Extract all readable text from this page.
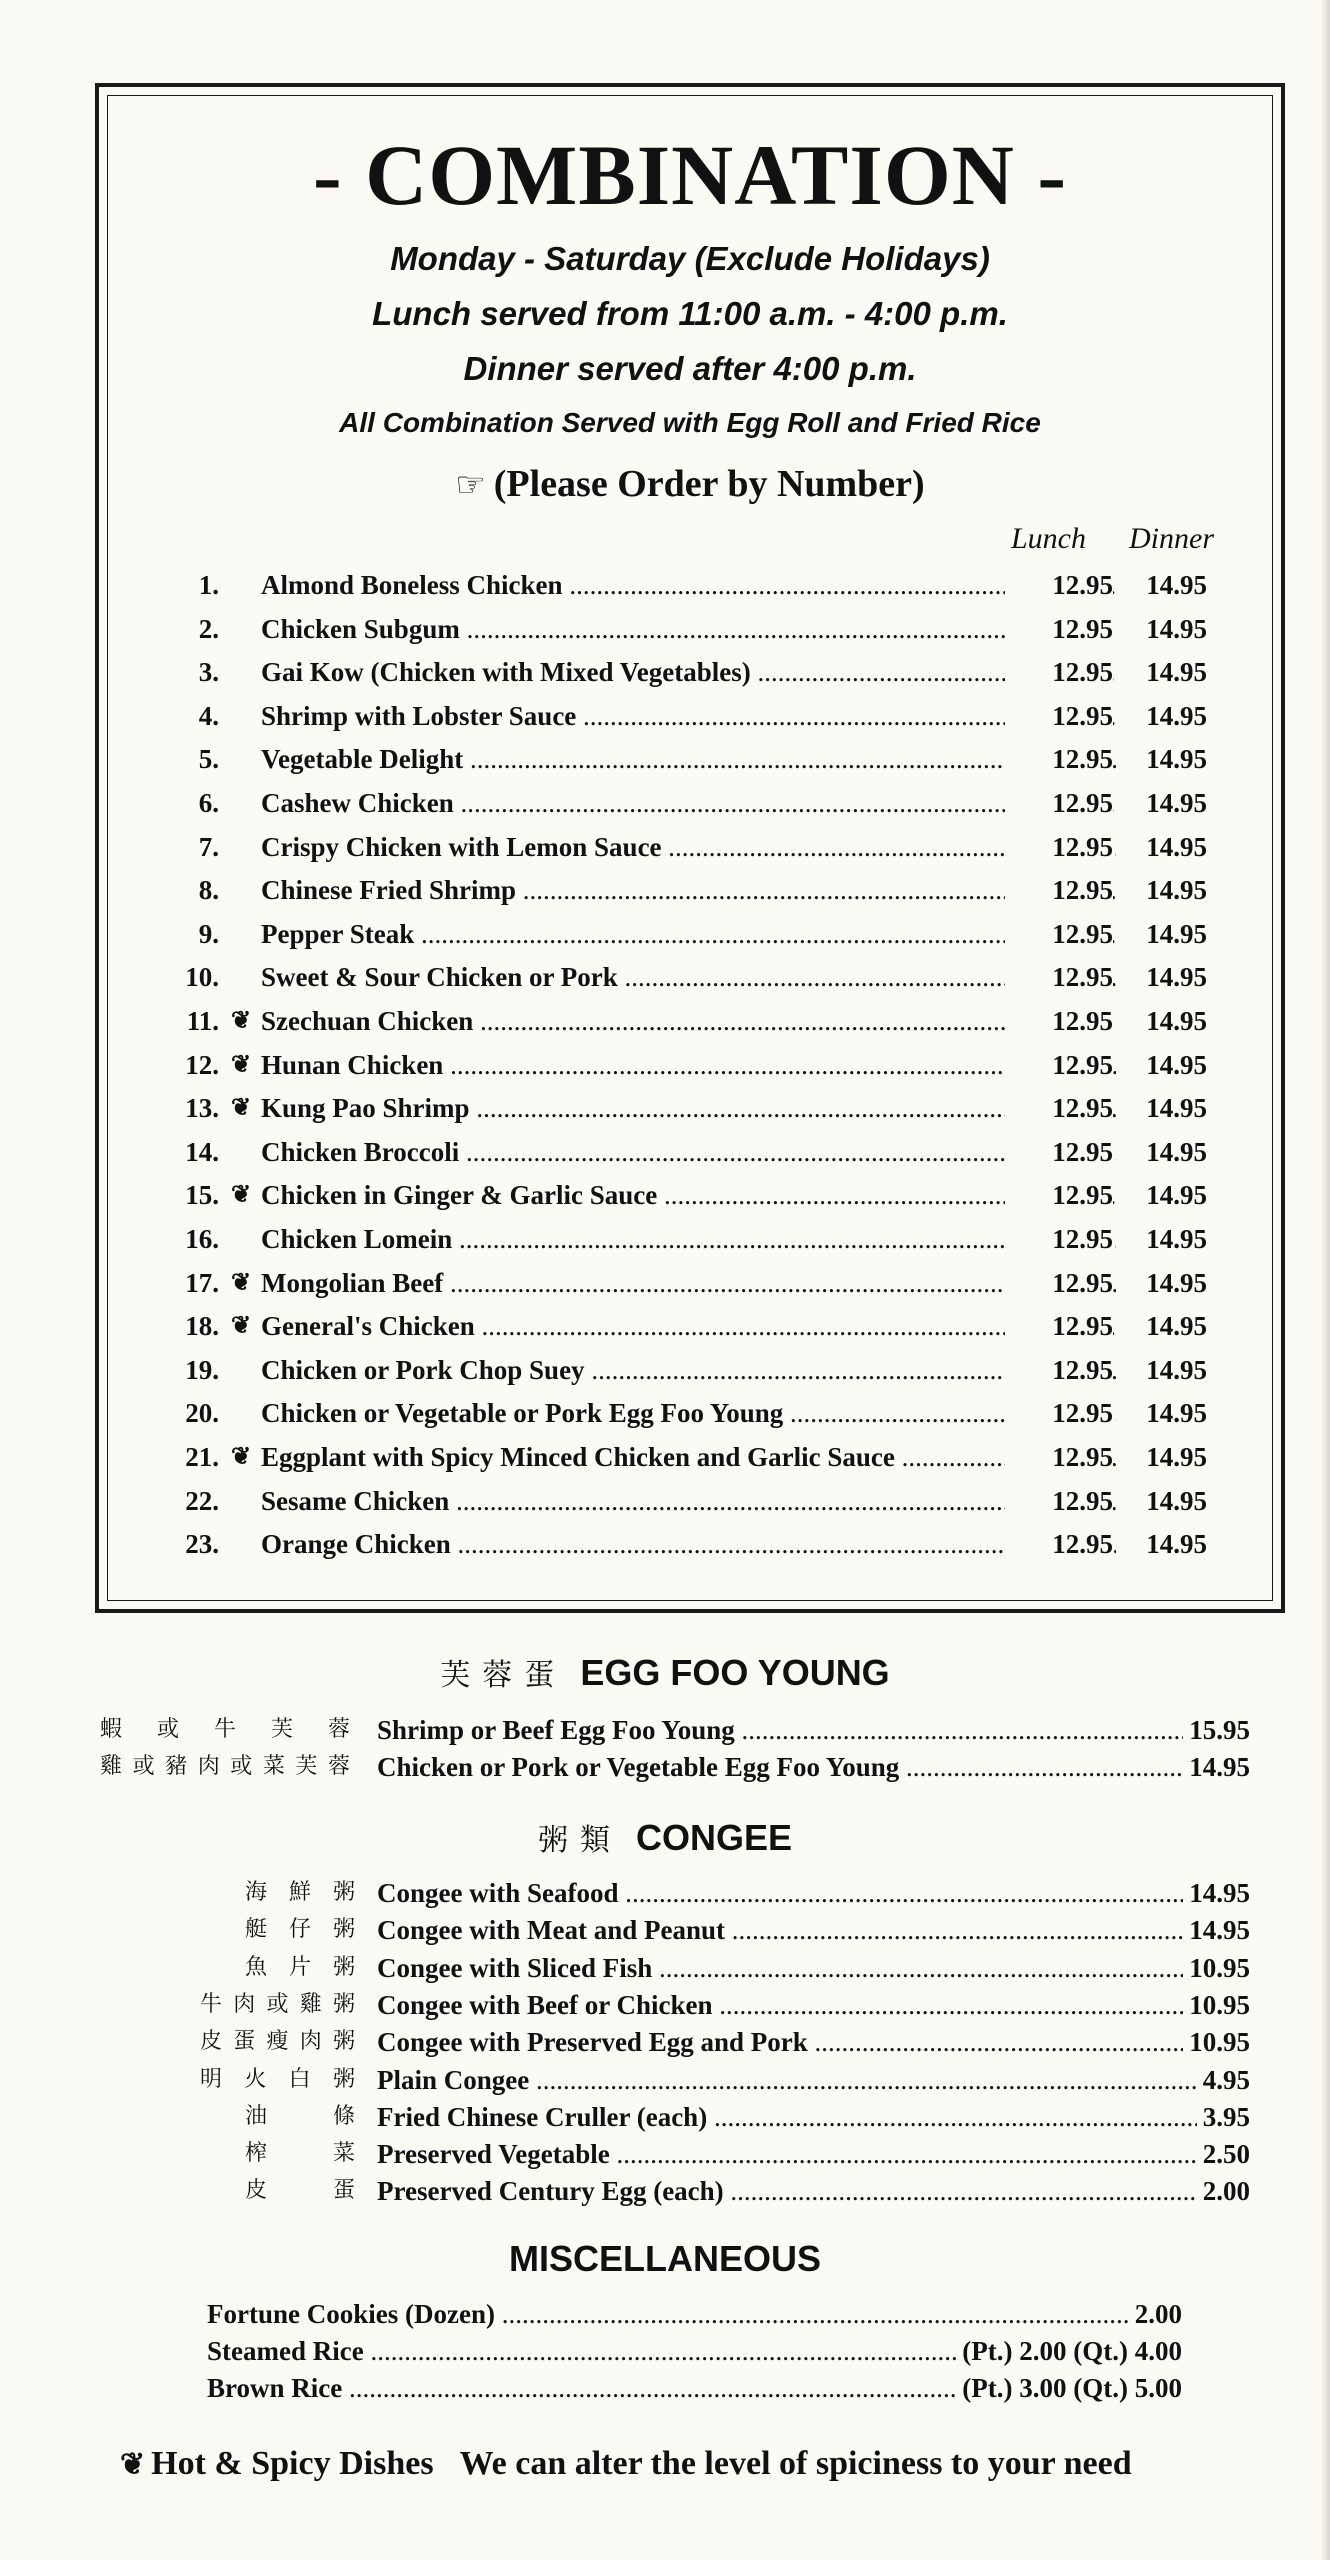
- COMBINATION -
Monday - Saturday (Exclude Holidays)
Lunch served from 11:00 a.m. - 4:00 p.m.
Dinner served after 4:00 p.m.
All Combination Served with Egg Roll and Fried Rice
☞ (Please Order by Number)
Lunch Dinner
1. Almond Boneless Chicken .....	12.95	14.95
2. Chicken Subgum .....	12.95	14.95
3. Gai Kow (Chicken with Mixed Vegetables) .....	12.95	14.95
4. Shrimp with Lobster Sauce .....	12.95	14.95
5. Vegetable Delight .....	12.95	14.95
6. Cashew Chicken .....	12.95	14.95
7. Crispy Chicken with Lemon Sauce .....	12.95	14.95
8. Chinese Fried Shrimp .....	12.95	14.95
9. Pepper Steak .....	12.95	14.95
10. Sweet & Sour Chicken or Pork .....	12.95	14.95
11. ❦ Szechuan Chicken .....	12.95	14.95
12. ❦ Hunan Chicken .....	12.95	14.95
13. ❦ Kung Pao Shrimp .....	12.95	14.95
14. Chicken Broccoli .....	12.95	14.95
15. ❦ Chicken in Ginger & Garlic Sauce .....	12.95	14.95
16. Chicken Lomein .....	12.95	14.95
17. ❦ Mongolian Beef .....	12.95	14.95
18. ❦ General's Chicken .....	12.95	14.95
19. Chicken or Pork Chop Suey .....	12.95	14.95
20. Chicken or Vegetable or Pork Egg Foo Young .....	12.95	14.95
21. ❦ Eggplant with Spicy Minced Chicken and Garlic Sauce .....	12.95	14.95
22. Sesame Chicken .....	12.95	14.95
23. Orange Chicken .....	12.95	14.95
芙蓉蛋 EGG FOO YOUNG
蝦或牛芙蓉 Shrimp or Beef Egg Foo Young .....	15.95
雞或豬肉或菜芙蓉 Chicken or Pork or Vegetable Egg Foo Young .....	14.95
粥類 CONGEE
海鮮粥 Congee with Seafood .....	14.95
艇仔粥 Congee with Meat and Peanut .....	14.95
魚片粥 Congee with Sliced Fish .....	10.95
牛肉或雞粥 Congee with Beef or Chicken .....	10.95
皮蛋瘦肉粥 Congee with Preserved Egg and Pork .....	10.95
明火白粥 Plain Congee .....	4.95
油條 Fried Chinese Cruller (each) .....	3.95
榨菜 Preserved Vegetable .....	2.50
皮蛋 Preserved Century Egg (each) .....	2.00
MISCELLANEOUS
Fortune Cookies (Dozen) .....	2.00
Steamed Rice .....	(Pt.) 2.00 (Qt.) 4.00
Brown Rice .....	(Pt.) 3.00 (Qt.) 5.00
❦ Hot & Spicy Dishes We can alter the level of spiciness to your need
